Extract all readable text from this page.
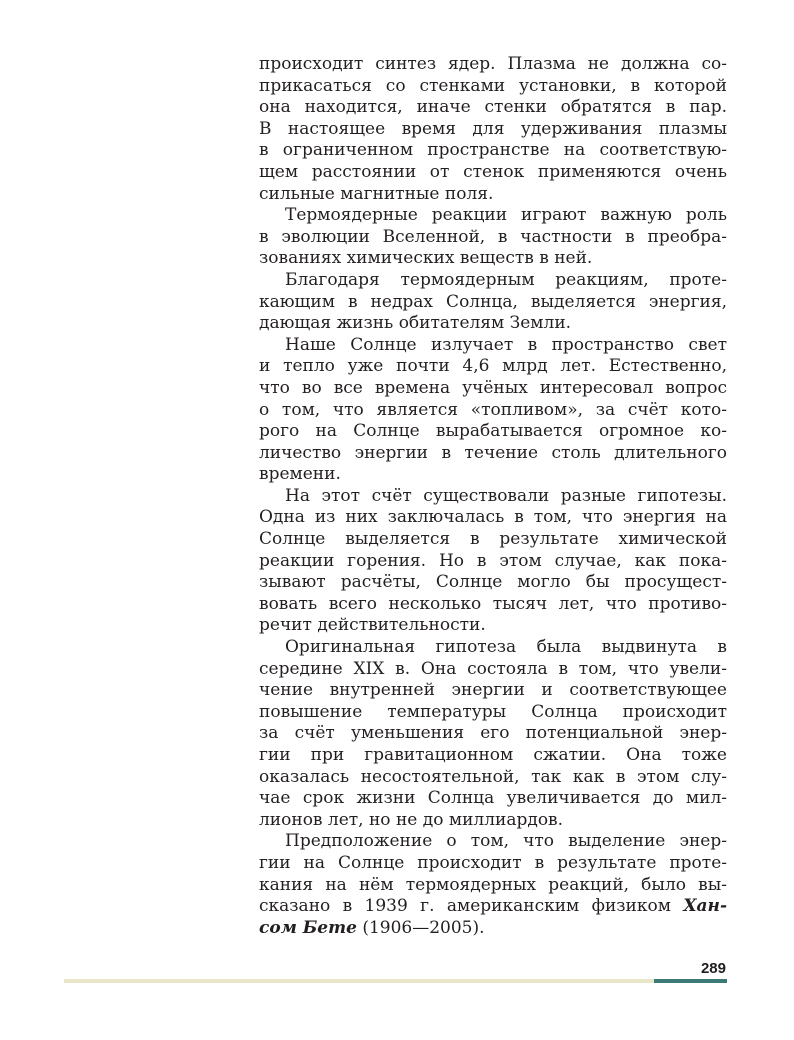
происходит синтез ядер. Плазма не должна со-
прикасаться со стенками установки, в которой
она находится, иначе стенки обратятся в пар.
В настоящее время для удерживания плазмы
в ограниченном пространстве на соответствую-
щем расстоянии от стенок применяются очень
сильные магнитные поля.
Термоядерные реакции играют важную роль
в эволюции Вселенной, в частности в преобра-
зованиях химических веществ в ней.
Благодаря термоядерным реакциям, проте-
кающим в недрах Солнца, выделяется энергия,
дающая жизнь обитателям Земли.
Наше Солнце излучает в пространство свет
и тепло уже почти 4,6 млрд лет. Естественно,
что во все времена учёных интересовал вопрос
о том, что является «топливом», за счёт кото-
рого на Солнце вырабатывается огромное ко-
личество энергии в течение столь длительного
времени.
На этот счёт существовали разные гипотезы.
Одна из них заключалась в том, что энергия на
Солнце выделяется в результате химической
реакции горения. Но в этом случае, как пока-
зывают расчёты, Солнце могло бы просущест-
вовать всего несколько тысяч лет, что противо-
речит действительности.
Оригинальная гипотеза была выдвинута в
середине XIX в. Она состояла в том, что увели-
чение внутренней энергии и соответствующее
повышение температуры Солнца происходит
за счёт уменьшения его потенциальной энер-
гии при гравитационном сжатии. Она тоже
оказалась несостоятельной, так как в этом слу-
чае срок жизни Солнца увеличивается до мил-
лионов лет, но не до миллиардов.
Предположение о том, что выделение энер-
гии на Солнце происходит в результате проте-
кания на нём термоядерных реакций, было вы-
сказано в 1939 г. американским физиком Хан-
сом Бете (1906—2005).
289
